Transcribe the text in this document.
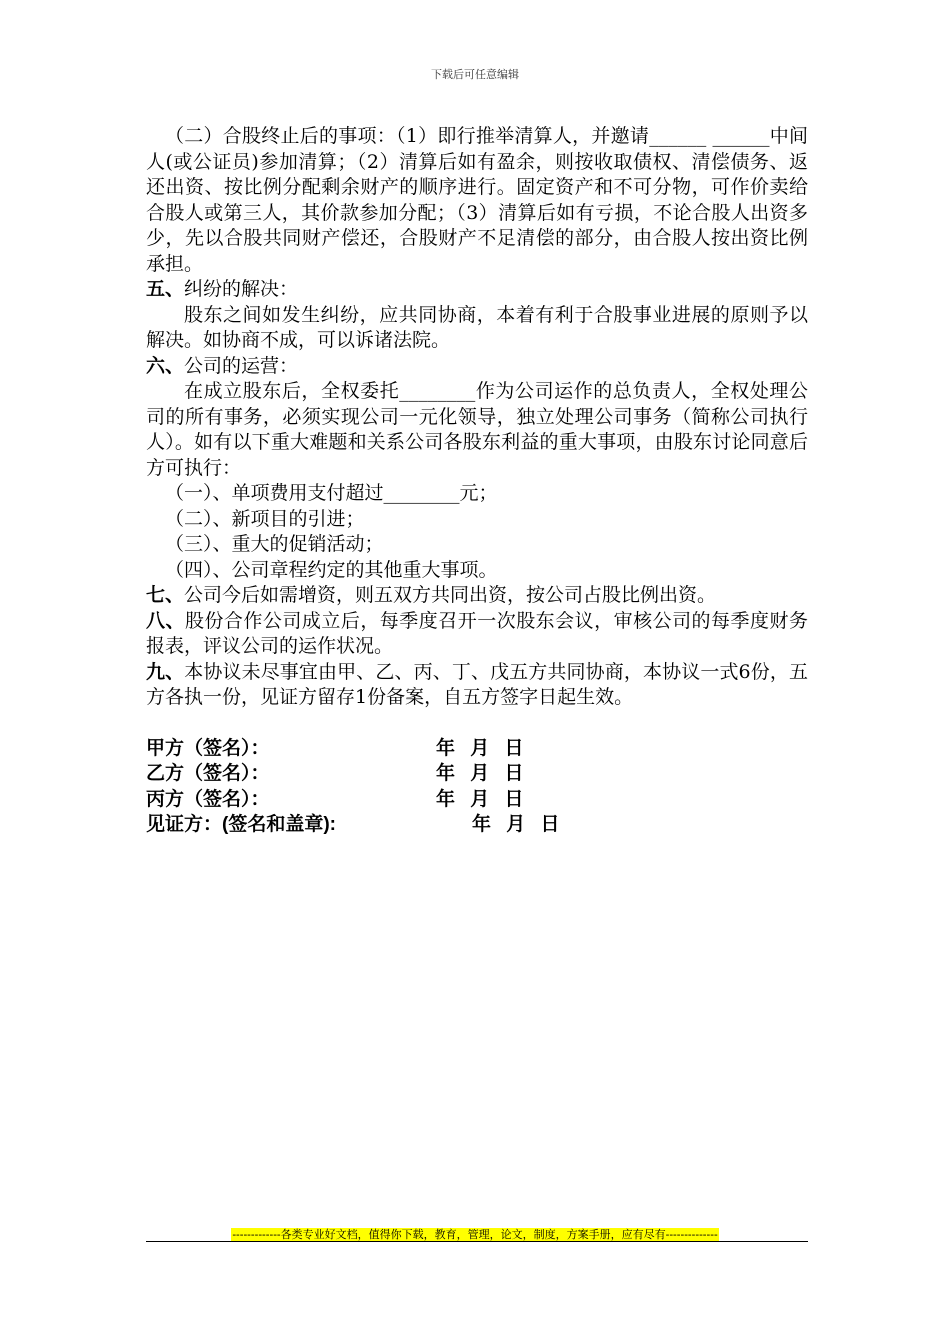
下载后可任意编辑

（二）合股终止后的事项：（1）即行推举清算人，并邀请______ ______中间人(或公证员)参加清算；（2）清算后如有盈余，则按收取债权、清偿债务、返还出资、按比例分配剩余财产的顺序进行。固定资产和不可分物，可作价卖给合股人或第三人，其价款参加分配；（3）清算后如有亏损，不论合股人出资多少，先以合股共同财产偿还，合股财产不足清偿的部分，由合股人按出资比例承担。

五、纠纷的解决：

股东之间如发生纠纷，应共同协商，本着有利于合股事业进展的原则予以解决。如协商不成，可以诉诸法院。

六、公司的运营：

在成立股东后，全权委托________作为公司运作的总负责人，全权处理公司的所有事务，必须实现公司一元化领导，独立处理公司事务（简称公司执行人）。如有以下重大难题和关系公司各股东利益的重大事项，由股东讨论同意后方可执行：

（一）、单项费用支付超过________元；

（二）、新项目的引进；

（三）、重大的促销活动；

（四）、公司章程约定的其他重大事项。

七、公司今后如需增资，则五双方共同出资，按公司占股比例出资。

八、股份合作公司成立后，每季度召开一次股东会议，审核公司的每季度财务报表，评议公司的运作状况。

九、本协议未尽事宜由甲、乙、丙、丁、戊五方共同协商，本协议一式6份，五方各执一份，见证方留存1份备案，自五方签字日起生效。

甲方（签名）：	年 月 日
乙方（签名）：	年 月 日
丙方（签名）：	年 月 日
见证方：(签名和盖章):	年 月 日
-------------各类专业好文档，值得你下载，教育，管理，论文，制度，方案手册，应有尽有--------------
